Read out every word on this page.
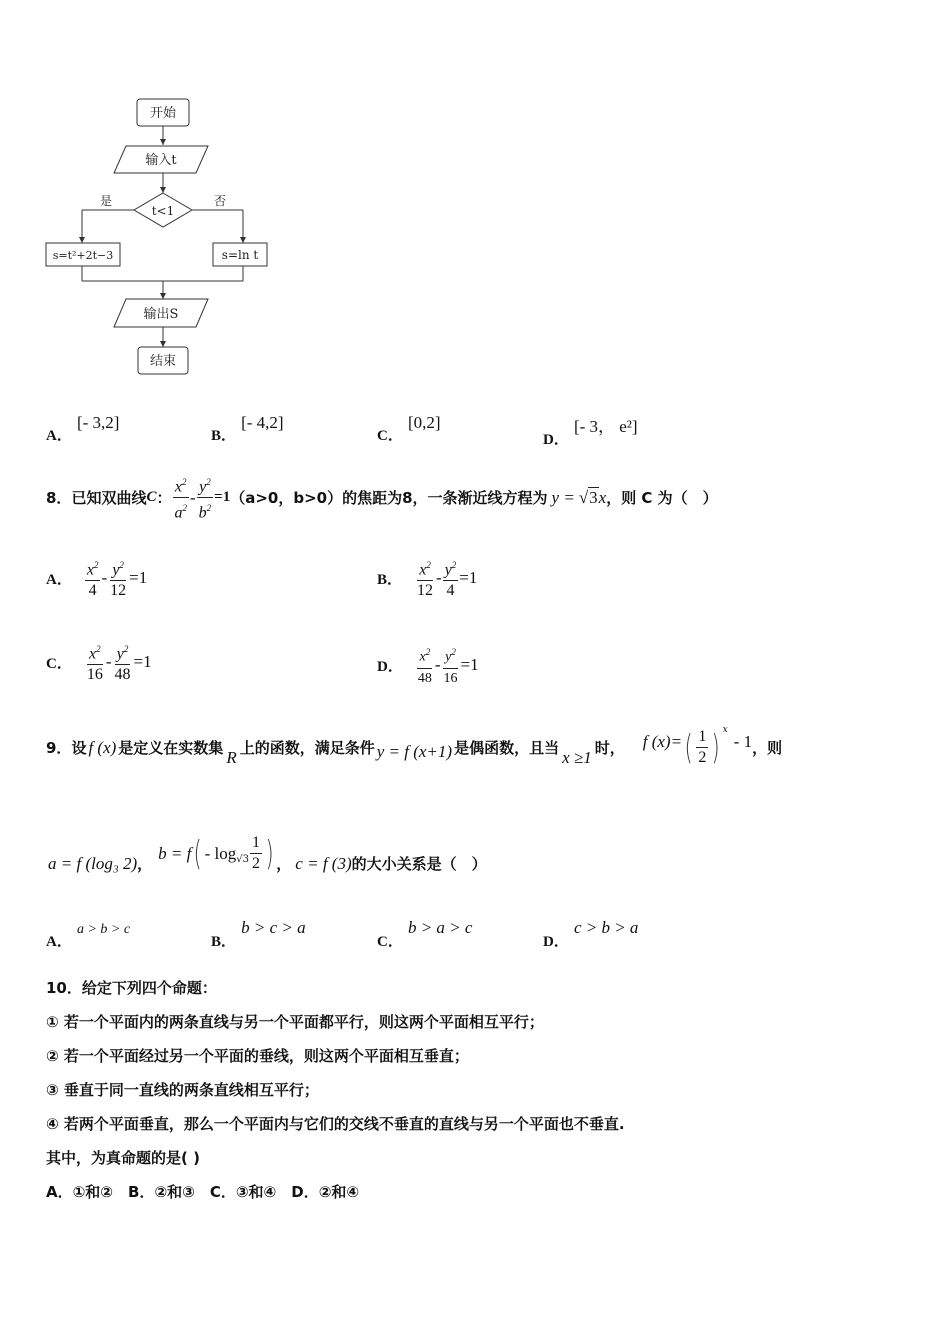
开始
输入t
t<1
是	否
s=t²+2t−3	s=ln t
输出S
结束
A． [- 3,2]
B． [- 4,2]
C． [0,2]
D． [- 3， e²]
8． 已知双曲线 C ： $\frac{x^2}{a^2} - \frac{y^2}{b^2} =1$ （a>0，b>0）的焦距为8，一条渐近线方程为 y = √ 3 x ，则 C 为（　）
A． $\frac{x^2}{4} - \frac{y^2}{12} =1$	B． $\frac{x^2}{12} - \frac{y^2}{4} =1$
C． $\frac{x^2}{16} - \frac{y^2}{48} =1$	D． $\frac{x^2}{48} - \frac{y^2}{16} =1$
9． 设 f (x) 是定义在实数集 R 上的函数，满足条件 y = f (x+1) 是偶函数，且当 x ≥1 时， f (x)= ( $\frac{1}{2}$ ) $^x$
- 1 ，则
a = f (log₃ 2) ，
b = f ( - $\log_{√3} \frac{1}{2}$ ) ， c = f (3) 的大小关系是（　）
A． a > b > c
B． b > c > a
C． b > a > c
D． c > b > a
10．给定下列四个命题：
① 若一个平面内的两条直线与另一个平面都平行，则这两个平面相互平行；
② 若一个平面经过另一个平面的垂线，则这两个平面相互垂直；
③ 垂直于同一直线的两条直线相互平行；
④ 若两个平面垂直，那么一个平面内与它们的交线不垂直的直线与另一个平面也不垂直.
其中，为真命题的是( )
A．①和②　B．②和③　C．③和④　D．②和④
